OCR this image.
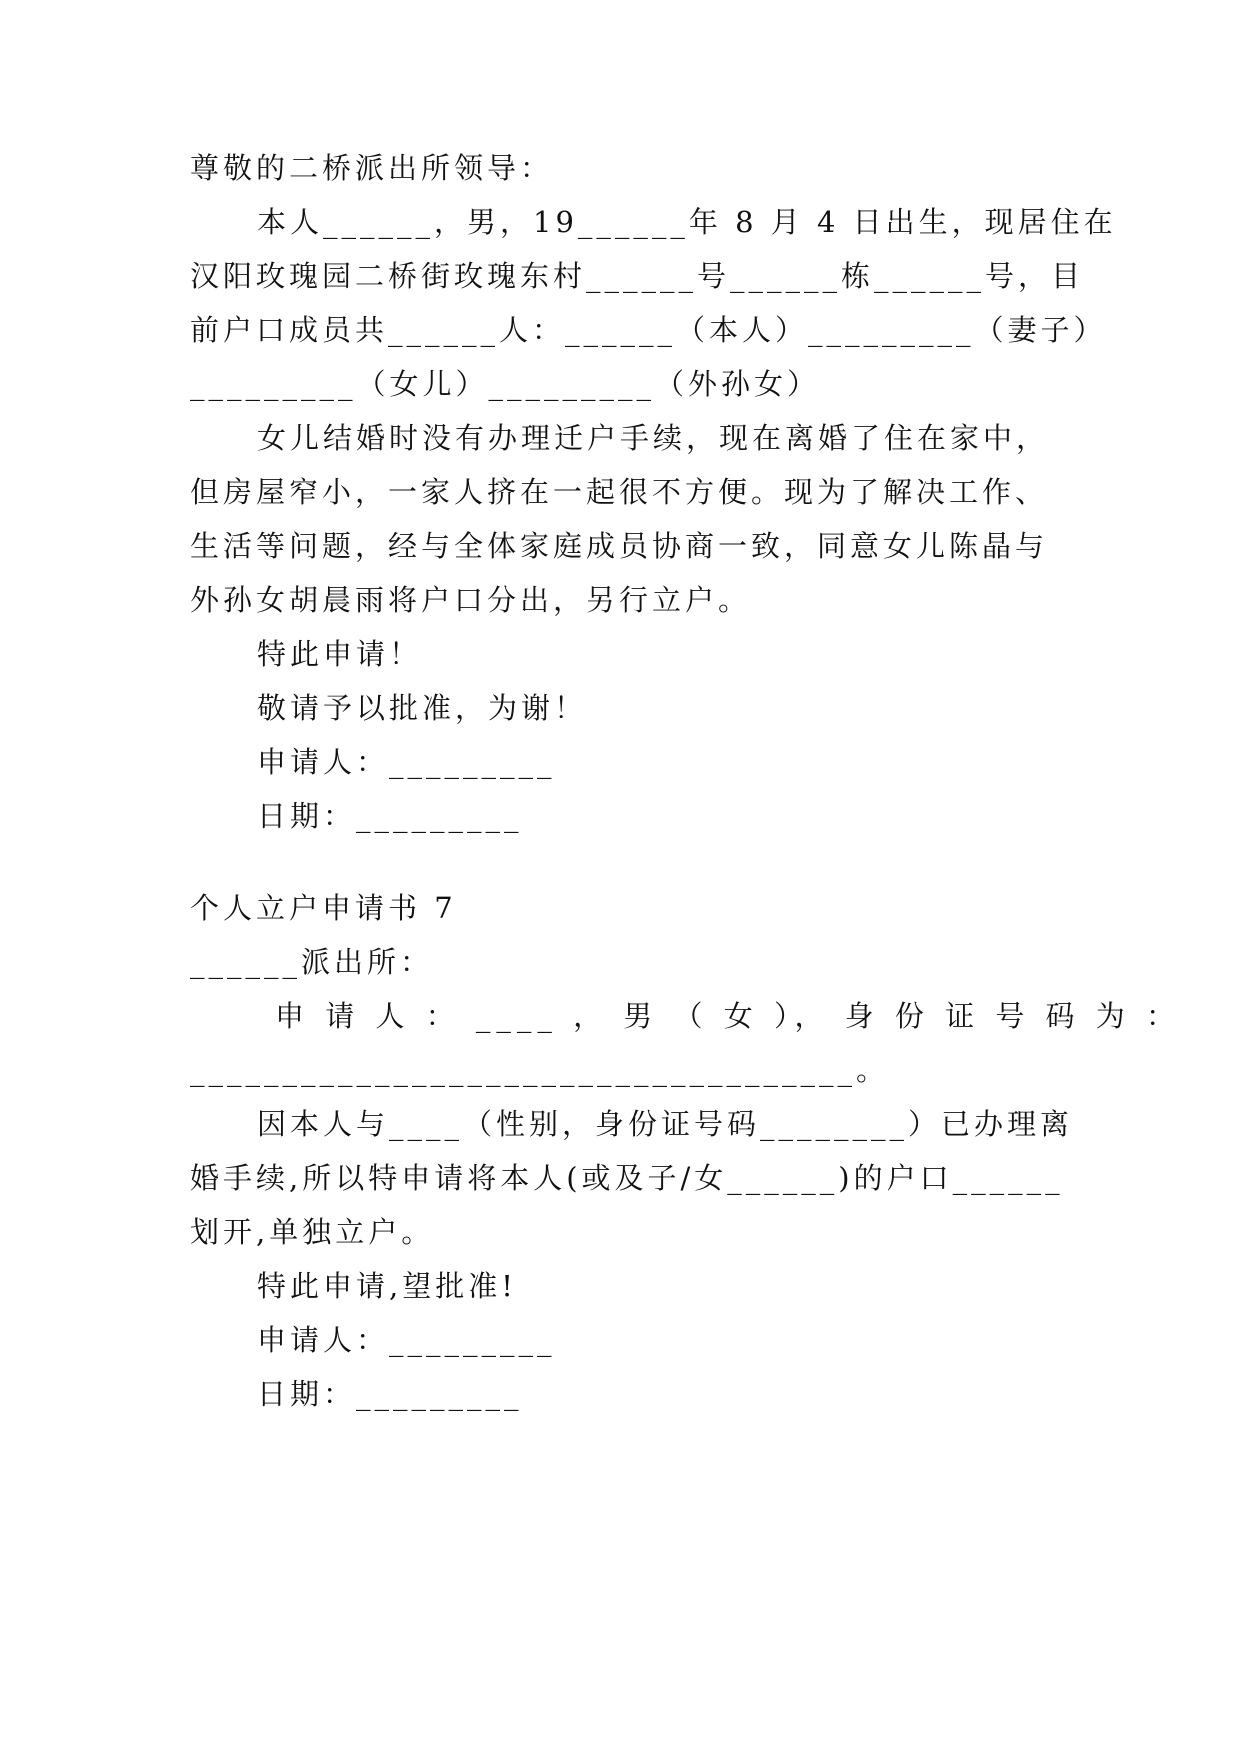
尊敬的二桥派出所领导：
本人______，男，19______年 8 月 4 日出生，现居住在
汉阳玫瑰园二桥街玫瑰东村______号______栋______号，目
前户口成员共______人：______（本人）_________（妻子）
_________（女儿）_________（外孙女）
女儿结婚时没有办理迁户手续，现在离婚了住在家中，
但房屋窄小，一家人挤在一起很不方便。现为了解决工作、
生活等问题，经与全体家庭成员协商一致，同意女儿陈晶与
外孙女胡晨雨将户口分出，另行立户。
特此申请！
敬请予以批准，为谢！
申请人：_________
日期：_________
个人立户申请书 7
______派出所：
申 请 人 ： ____ ， 男 （ 女 ）， 身 份 证 号 码 为 ：
____________________________________。
因本人与____（性别，身份证号码________）已办理离
婚手续,所以特申请将本人(或及子/女______)的户口______
划开,单独立户。
特此申请,望批准!
申请人：_________
日期：_________
